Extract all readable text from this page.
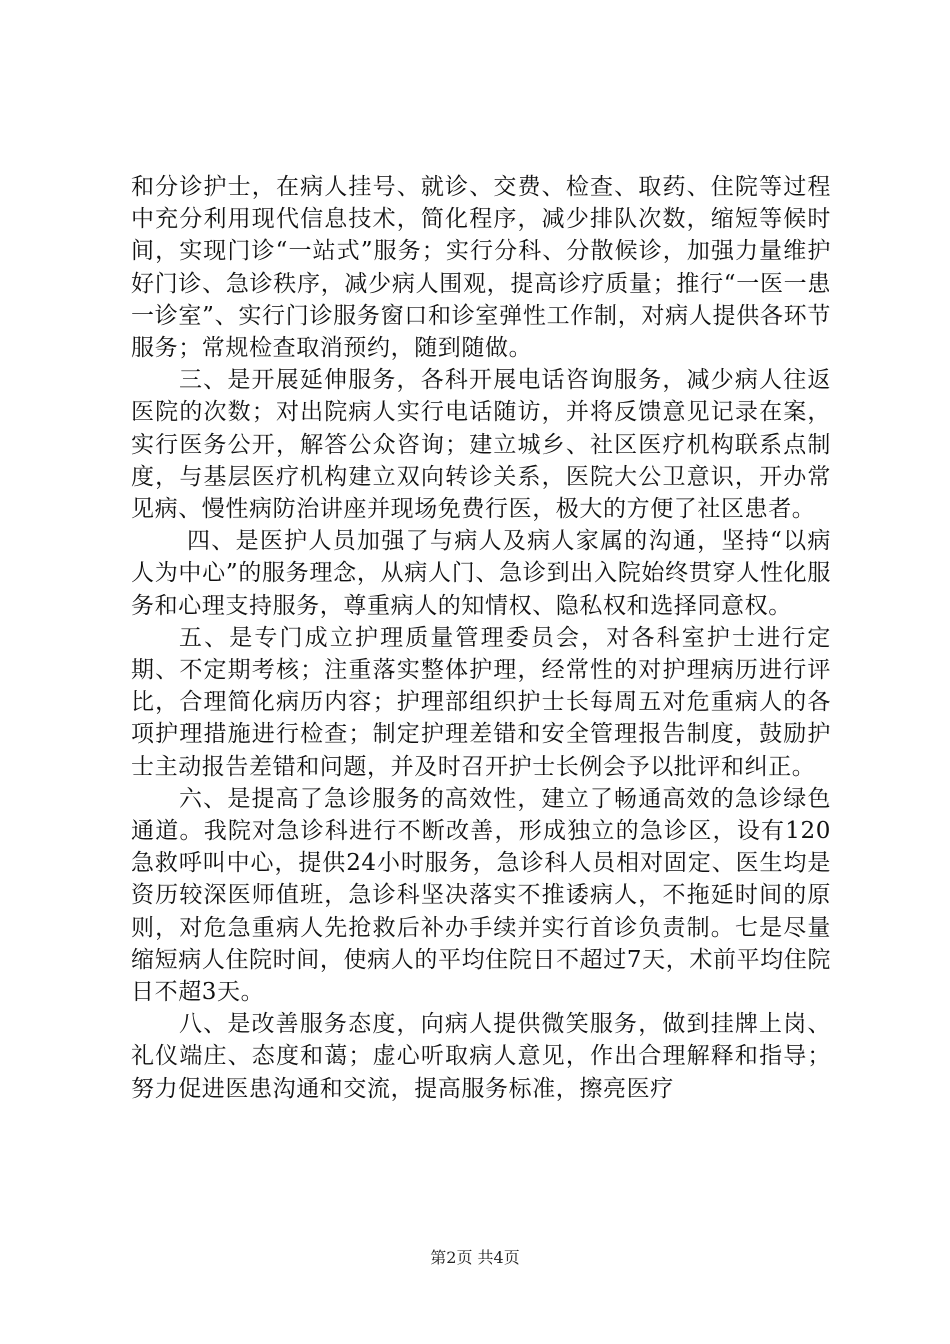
和分诊护士，在病人挂号、就诊、交费、检查、取药、住院等过程中充分利用现代信息技术，简化程序，减少排队次数，缩短等候时间，实现门诊“一站式”服务；实行分科、分散候诊，加强力量维护好门诊、急诊秩序，减少病人围观，提高诊疗质量；推行“一医一患一诊室”、实行门诊服务窗口和诊室弹性工作制，对病人提供各环节服务；常规检查取消预约，随到随做。

三、是开展延伸服务，各科开展电话咨询服务，减少病人往返医院的次数；对出院病人实行电话随访，并将反馈意见记录在案，实行医务公开，解答公众咨询；建立城乡、社区医疗机构联系点制度，与基层医疗机构建立双向转诊关系，医院大公卫意识，开办常见病、慢性病防治讲座并现场免费行医，极大的方便了社区患者。

四、是医护人员加强了与病人及病人家属的沟通，坚持“以病人为中心”的服务理念，从病人门、急诊到出入院始终贯穿人性化服务和心理支持服务，尊重病人的知情权、隐私权和选择同意权。

五、是专门成立护理质量管理委员会，对各科室护士进行定期、不定期考核；注重落实整体护理，经常性的对护理病历进行评比，合理简化病历内容；护理部组织护士长每周五对危重病人的各项护理措施进行检查；制定护理差错和安全管理报告制度，鼓励护士主动报告差错和问题，并及时召开护士长例会予以批评和纠正。

六、是提高了急诊服务的高效性，建立了畅通高效的急诊绿色通道。我院对急诊科进行不断改善，形成独立的急诊区，设有120急救呼叫中心，提供24小时服务，急诊科人员相对固定、医生均是资历较深医师值班，急诊科坚决落实不推诿病人，不拖延时间的原则，对危急重病人先抢救后补办手续并实行首诊负责制。七是尽量缩短病人住院时间，使病人的平均住院日不超过7天，术前平均住院日不超3天。

八、是改善服务态度，向病人提供微笑服务，做到挂牌上岗、礼仪端庄、态度和蔼；虚心听取病人意见，作出合理解释和指导；努力促进医患沟通和交流，提高服务标准，擦亮医疗

第2页 共4页
